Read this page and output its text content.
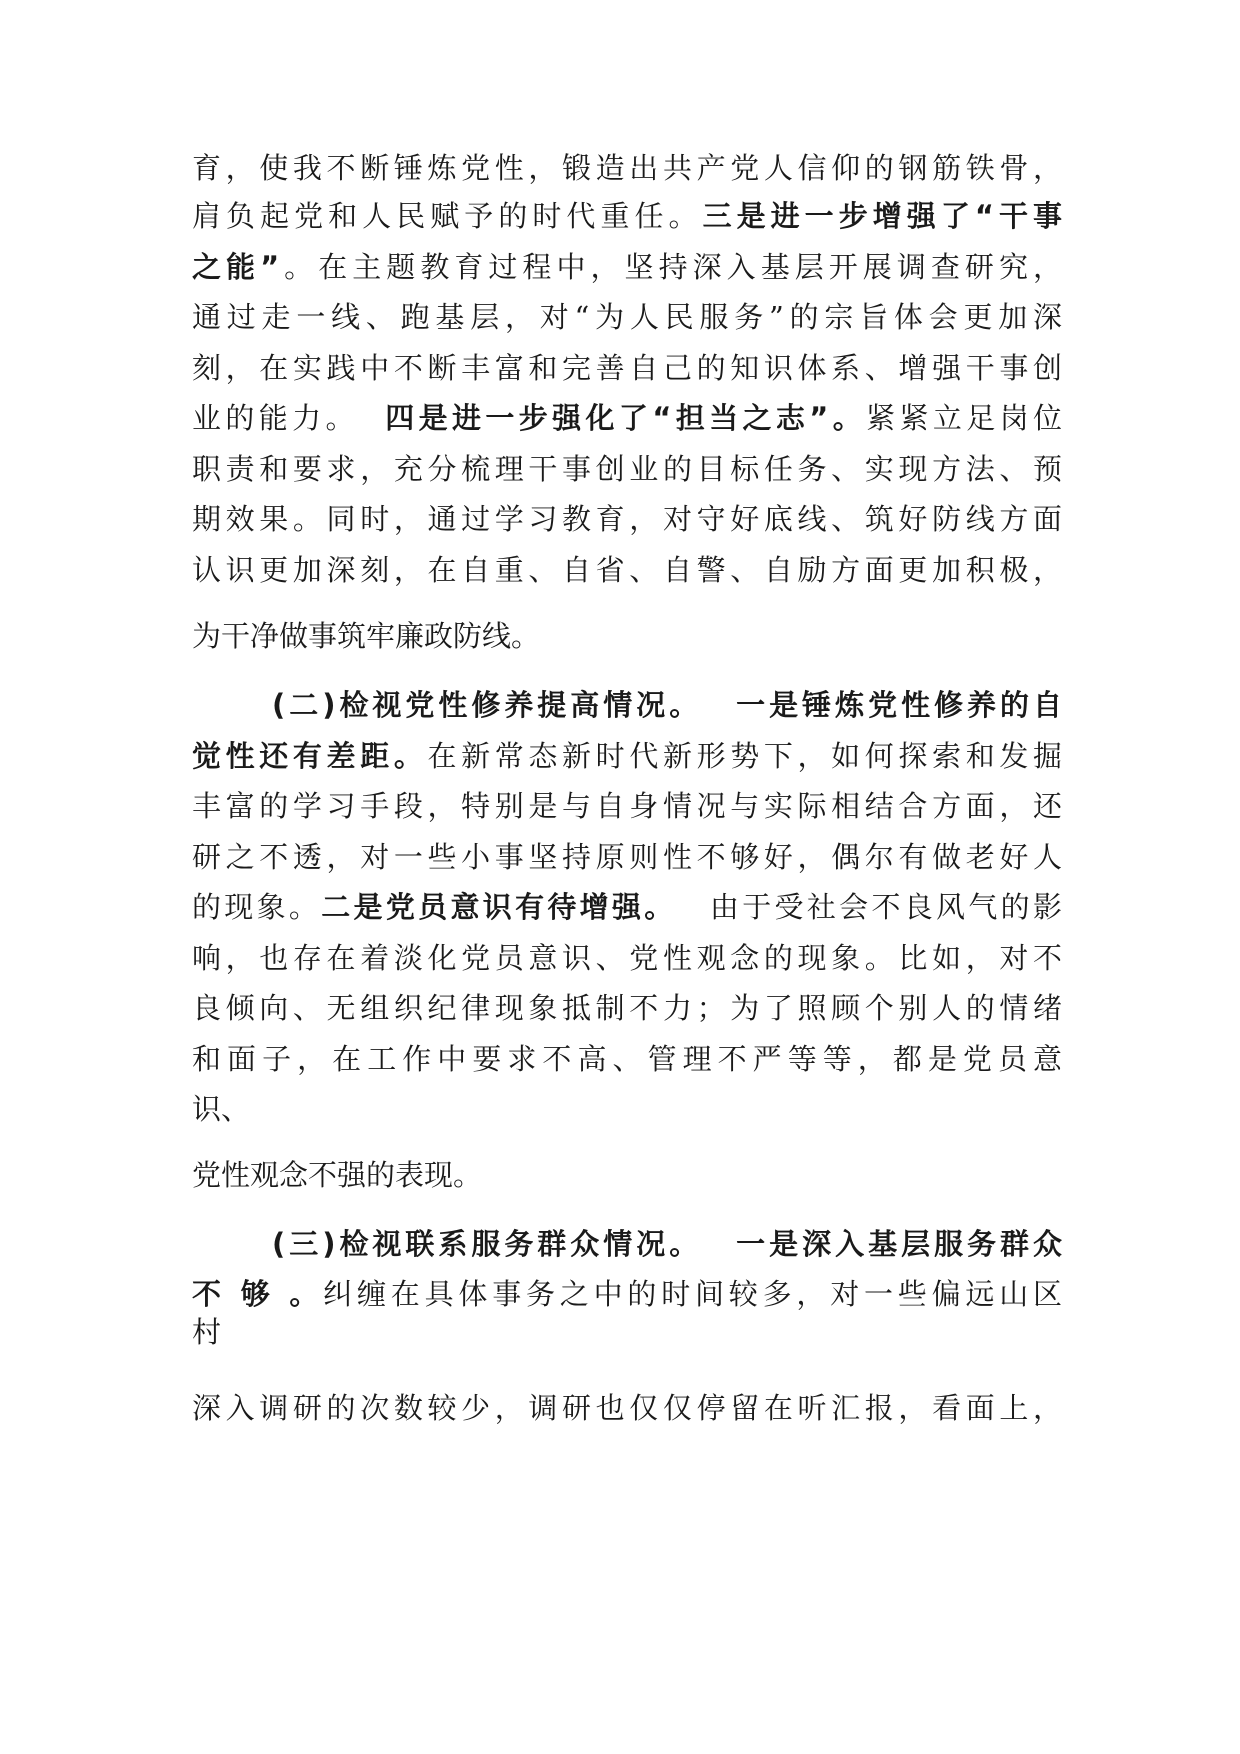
育，使我不断锤炼党性，锻造出共产党人信仰的钢筋铁骨，
肩负起党和人民赋予的时代重任。三是进一步增强了“干事
之能”。在主题教育过程中，坚持深入基层开展调查研究，
通过走一线、跑基层，对“为人民服务”的宗旨体会更加深
刻，在实践中不断丰富和完善自己的知识体系、增强干事创
业的能力。 四是进一步强化了“担当之志”。紧紧立足岗位
职责和要求，充分梳理干事创业的目标任务、实现方法、预
期效果。同时，通过学习教育，对守好底线、筑好防线方面
认识更加深刻，在自重、自省、自警、自励方面更加积极，
为干净做事筑牢廉政防线。
(二)检视党性修养提高情况。 一是锤炼党性修养的自
觉性还有差距。在新常态新时代新形势下，如何探索和发掘
丰富的学习手段，特别是与自身情况与实际相结合方面，还
研之不透，对一些小事坚持原则性不够好，偶尔有做老好人
的现象。二是党员意识有待增强。 由于受社会不良风气的影
响，也存在着淡化党员意识、党性观念的现象。比如，对不
良倾向、无组织纪律现象抵制不力；为了照顾个别人的情绪
和面子，在工作中要求不高、管理不严等等，都是党员意
识、
党性观念不强的表现。
(三)检视联系服务群众情况。 一是深入基层服务群众
不 够 。纠缠在具体事务之中的时间较多，对一些偏远山区
村
深入调研的次数较少，调研也仅仅停留在听汇报，看面上，
